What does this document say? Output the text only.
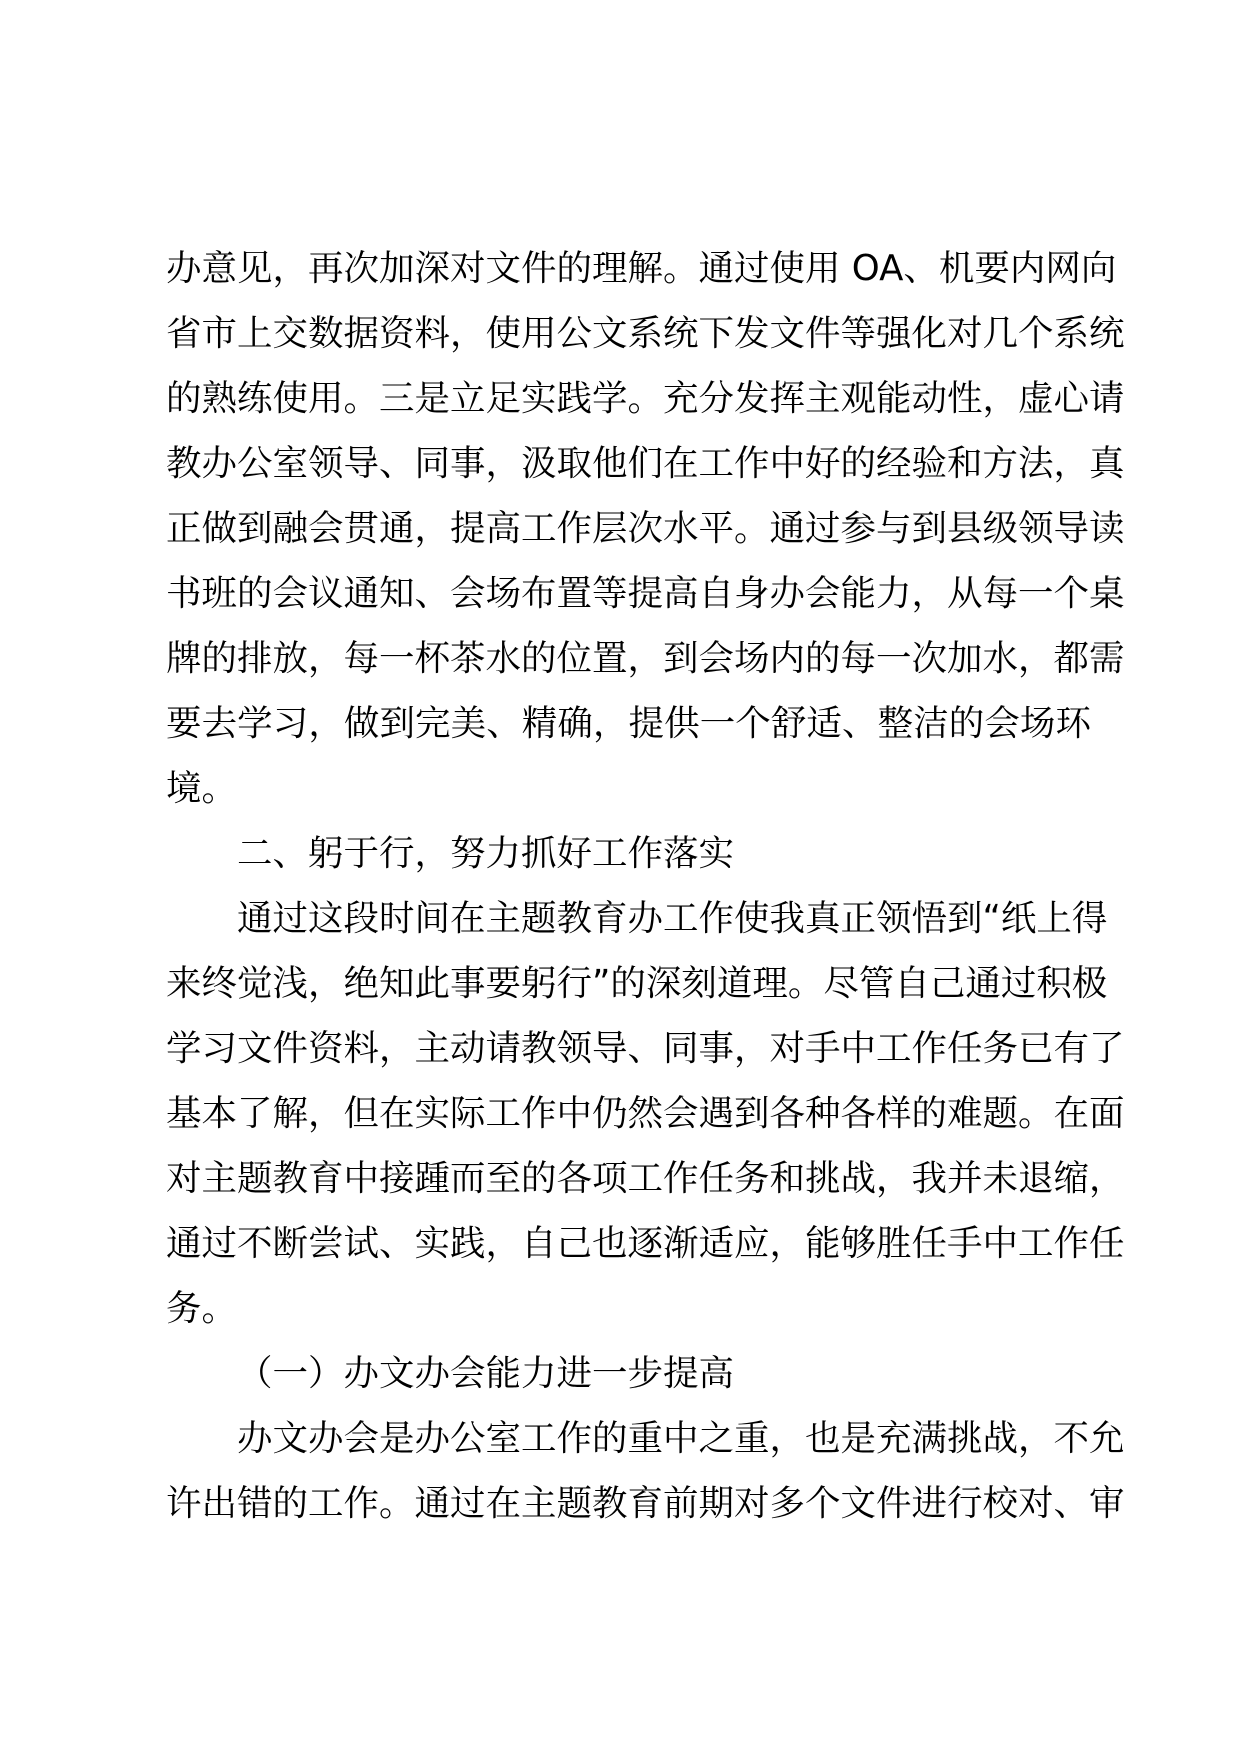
办意见，再次加深对文件的理解。通过使用 OA、机要内网向
省市上交数据资料，使用公文系统下发文件等强化对几个系统
的熟练使用。三是立足实践学。充分发挥主观能动性，虚心请
教办公室领导、同事，汲取他们在工作中好的经验和方法，真
正做到融会贯通，提高工作层次水平。通过参与到县级领导读
书班的会议通知、会场布置等提高自身办会能力，从每一个桌
牌的排放，每一杯茶水的位置，到会场内的每一次加水，都需
要去学习，做到完美、精确，提供一个舒适、整洁的会场环
境。
二、躬于行，努力抓好工作落实
通过这段时间在主题教育办工作使我真正领悟到“纸上得
来终觉浅，绝知此事要躬行”的深刻道理。尽管自己通过积极
学习文件资料，主动请教领导、同事，对手中工作任务已有了
基本了解，但在实际工作中仍然会遇到各种各样的难题。在面
对主题教育中接踵而至的各项工作任务和挑战，我并未退缩，
通过不断尝试、实践，自己也逐渐适应，能够胜任手中工作任
务。
（一）办文办会能力进一步提高
办文办会是办公室工作的重中之重，也是充满挑战，不允
许出错的工作。通过在主题教育前期对多个文件进行校对、审
